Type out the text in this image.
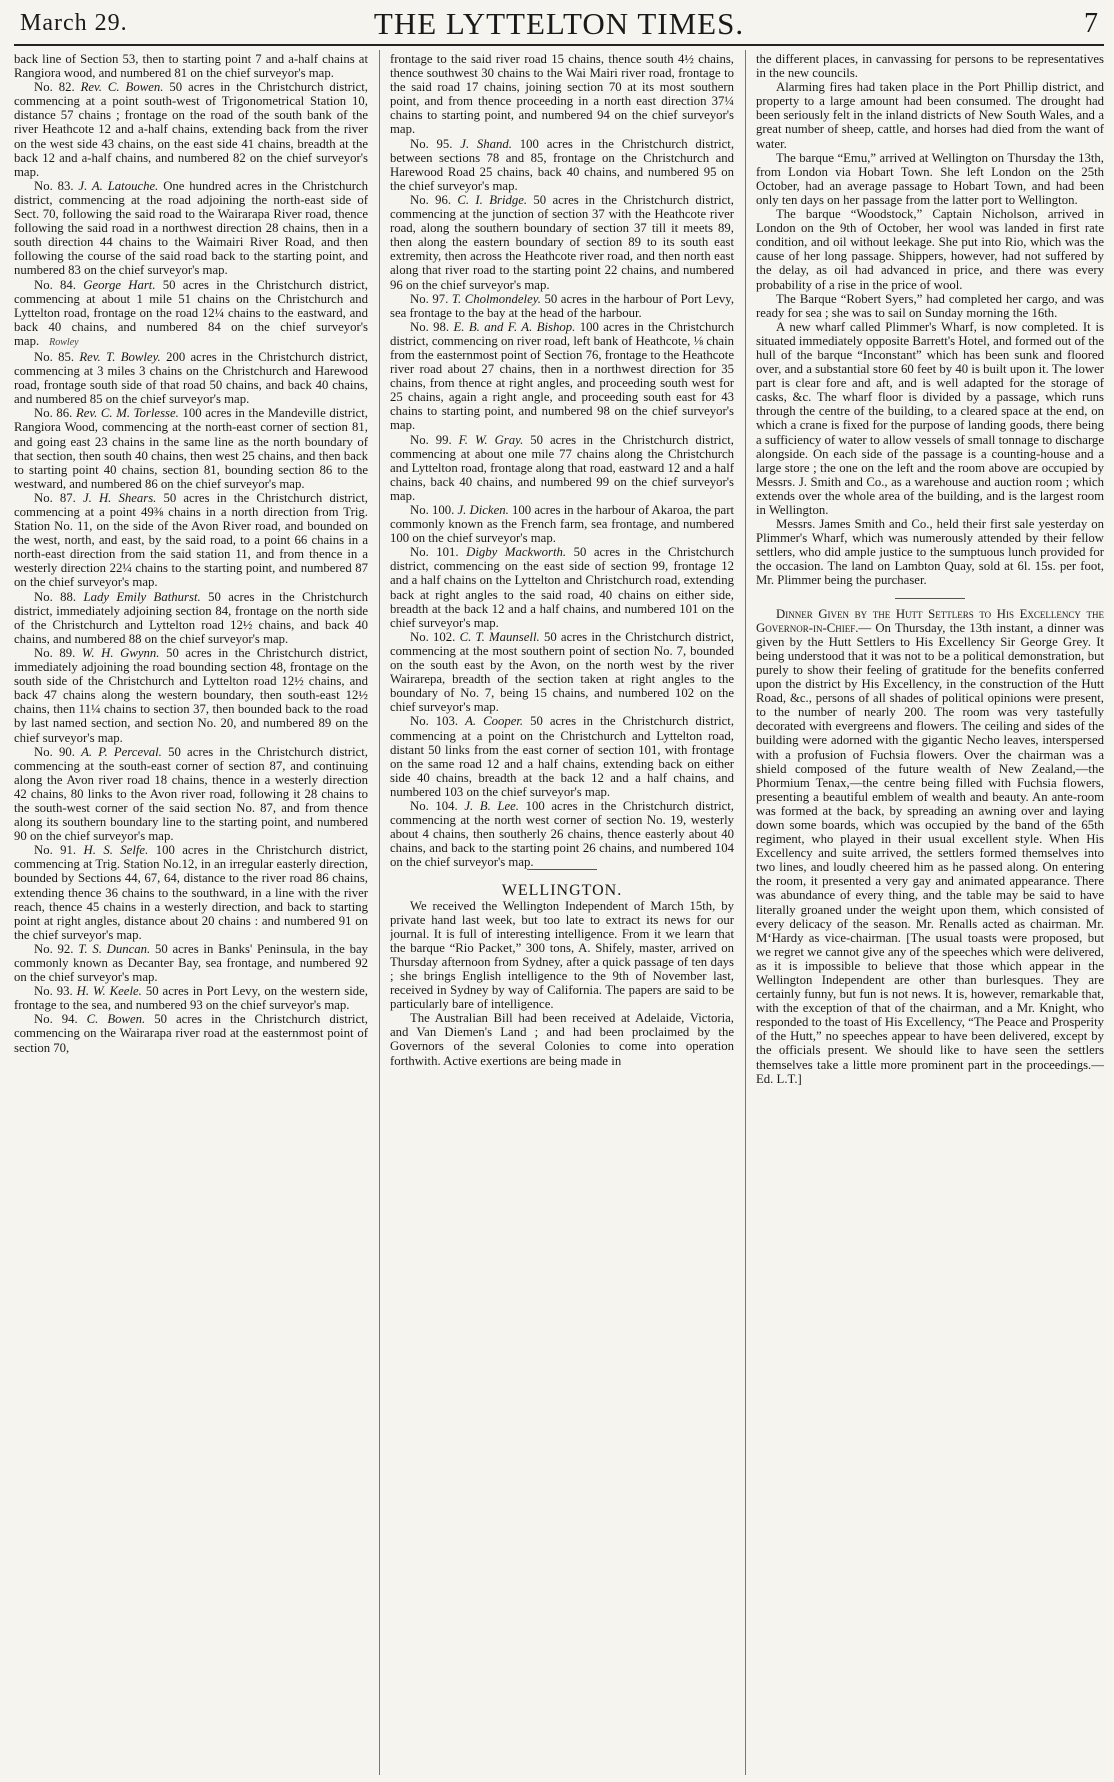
March 29.	THE LYTTELTON TIMES.	7

back line of Section 53, then to starting point 7 and a-half chains at Rangiora wood, and numbered 81 on the chief surveyor's map.

No. 82. Rev. C. Bowen. 50 acres in the Christchurch district, commencing at a point south-west of Trigonometrical Station 10, distance 57 chains ; frontage on the road of the south bank of the river Heathcote 12 and a-half chains, extending back from the river on the west side 43 chains, on the east side 41 chains, breadth at the back 12 and a-half chains, and numbered 82 on the chief surveyor's map.

No. 83. J. A. Latouche. One hundred acres in the Christchurch district, commencing at the road adjoining the north-east side of Sect. 70, following the said road to the Wairarapa River road, thence following the said road in a northwest direction 28 chains, then in a south direction 44 chains to the Waimairi River Road, and then following the course of the said road back to the starting point, and numbered 83 on the chief surveyor's map.

No. 84. George Hart. 50 acres in the Christchurch district, commencing at about 1 mile 51 chains on the Christchurch and Lyttelton road, frontage on the road 12¼ chains to the eastward, and back 40 chains, and numbered 84 on the chief surveyor's map. Rowley

No. 85. Rev. T. Bowley. 200 acres in the Christchurch district, commencing at 3 miles 3 chains on the Christchurch and Harewood road, frontage south side of that road 50 chains, and back 40 chains, and numbered 85 on the chief surveyor's map.

No. 86. Rev. C. M. Torlesse. 100 acres in the Mandeville district, Rangiora Wood, commencing at the north-east corner of section 81, and going east 23 chains in the same line as the north boundary of that section, then south 40 chains, then west 25 chains, and then back to starting point 40 chains, section 81, bounding section 86 to the westward, and numbered 86 on the chief surveyor's map.

No. 87. J. H. Shears. 50 acres in the Christchurch district, commencing at a point 49⅜ chains in a north direction from Trig. Station No. 11, on the side of the Avon River road, and bounded on the west, north, and east, by the said road, to a point 66 chains in a north-east direction from the said station 11, and from thence in a westerly direction 22¼ chains to the starting point, and numbered 87 on the chief surveyor's map.

No. 88. Lady Emily Bathurst. 50 acres in the Christchurch district, immediately adjoining section 84, frontage on the north side of the Christchurch and Lyttelton road 12½ chains, and back 40 chains, and numbered 88 on the chief surveyor's map.

No. 89. W. H. Gwynn. 50 acres in the Christchurch district, immediately adjoining the road bounding section 48, frontage on the south side of the Christchurch and Lyttelton road 12½ chains, and back 47 chains along the western boundary, then south-east 12½ chains, then 11¼ chains to section 37, then bounded back to the road by last named section, and section No. 20, and numbered 89 on the chief surveyor's map.

No. 90. A. P. Perceval. 50 acres in the Christchurch district, commencing at the south-east corner of section 87, and continuing along the Avon river road 18 chains, thence in a westerly direction 42 chains, 80 links to the Avon river road, following it 28 chains to the south-west corner of the said section No. 87, and from thence along its southern boundary line to the starting point, and numbered 90 on the chief surveyor's map.

No. 91. H. S. Selfe. 100 acres in the Christchurch district, commencing at Trig. Station No.12, in an irregular easterly direction, bounded by Sections 44, 67, 64, distance to the river road 86 chains, extending thence 36 chains to the southward, in a line with the river reach, thence 45 chains in a westerly direction, and back to starting point at right angles, distance about 20 chains : and numbered 91 on the chief surveyor's map.

No. 92. T. S. Duncan. 50 acres in Banks' Peninsula, in the bay commonly known as Decanter Bay, sea frontage, and numbered 92 on the chief surveyor's map.

No. 93. H. W. Keele. 50 acres in Port Levy, on the western side, frontage to the sea, and numbered 93 on the chief surveyor's map.

No. 94. C. Bowen. 50 acres in the Christchurch district, commencing on the Wairarapa river road at the easternmost point of section 70,

frontage to the said river road 15 chains, thence south 4½ chains, thence southwest 30 chains to the Wai Mairi river road, frontage to the said road 17 chains, joining section 70 at its most southern point, and from thence proceeding in a north east direction 37¼ chains to starting point, and numbered 94 on the chief surveyor's map.

No. 95. J. Shand. 100 acres in the Christchurch district, between sections 78 and 85, frontage on the Christchurch and Harewood Road 25 chains, back 40 chains, and numbered 95 on the chief surveyor's map.

No. 96. C. I. Bridge. 50 acres in the Christchurch district, commencing at the junction of section 37 with the Heathcote river road, along the southern boundary of section 37 till it meets 89, then along the eastern boundary of section 89 to its south east extremity, then across the Heathcote river road, and then north east along that river road to the starting point 22 chains, and numbered 96 on the chief surveyor's map.

No. 97. T. Cholmondeley. 50 acres in the harbour of Port Levy, sea frontage to the bay at the head of the harbour.

No. 98. E. B. and F. A. Bishop. 100 acres in the Christchurch district, commencing on river road, left bank of Heathcote, ⅛ chain from the easternmost point of Section 76, frontage to the Heathcote river road about 27 chains, then in a northwest direction for 35 chains, from thence at right angles, and proceeding south west for 25 chains, again a right angle, and proceeding south east for 43 chains to starting point, and numbered 98 on the chief surveyor's map.

No. 99. F. W. Gray. 50 acres in the Christchurch district, commencing at about one mile 77 chains along the Christchurch and Lyttelton road, frontage along that road, eastward 12 and a half chains, back 40 chains, and numbered 99 on the chief surveyor's map.

No. 100. J. Dicken. 100 acres in the harbour of Akaroa, the part commonly known as the French farm, sea frontage, and numbered 100 on the chief surveyor's map.

No. 101. Digby Mackworth. 50 acres in the Christchurch district, commencing on the east side of section 99, frontage 12 and a half chains on the Lyttelton and Christchurch road, extending back at right angles to the said road, 40 chains on either side, breadth at the back 12 and a half chains, and numbered 101 on the chief surveyor's map.

No. 102. C. T. Maunsell. 50 acres in the Christchurch district, commencing at the most southern point of section No. 7, bounded on the south east by the Avon, on the north west by the river Wairarepa, breadth of the section taken at right angles to the boundary of No. 7, being 15 chains, and numbered 102 on the chief surveyor's map.

No. 103. A. Cooper. 50 acres in the Christchurch district, commencing at a point on the Christchurch and Lyttelton road, distant 50 links from the east corner of section 101, with frontage on the same road 12 and a half chains, extending back on either side 40 chains, breadth at the back 12 and a half chains, and numbered 103 on the chief surveyor's map.

No. 104. J. B. Lee. 100 acres in the Christchurch district, commencing at the north west corner of section No. 19, westerly about 4 chains, then southerly 26 chains, thence easterly about 40 chains, and back to the starting point 26 chains, and numbered 104 on the chief surveyor's map.

WELLINGTON.

We received the Wellington Independent of March 15th, by private hand last week, but too late to extract its news for our journal. It is full of interesting intelligence. From it we learn that the barque “Rio Packet,” 300 tons, A. Shifely, master, arrived on Thursday afternoon from Sydney, after a quick passage of ten days ; she brings English intelligence to the 9th of November last, received in Sydney by way of California. The papers are said to be particularly bare of intelligence.

The Australian Bill had been received at Adelaide, Victoria, and Van Diemen's Land ; and had been proclaimed by the Governors of the several Colonies to come into operation forthwith. Active exertions are being made in

the different places, in canvassing for persons to be representatives in the new councils.

Alarming fires had taken place in the Port Phillip district, and property to a large amount had been consumed. The drought had been seriously felt in the inland districts of New South Wales, and a great number of sheep, cattle, and horses had died from the want of water.

The barque “Emu,” arrived at Wellington on Thursday the 13th, from London via Hobart Town. She left London on the 25th October, had an average passage to Hobart Town, and had been only ten days on her passage from the latter port to Wellington.

The barque “Woodstock,” Captain Nicholson, arrived in London on the 9th of October, her wool was landed in first rate condition, and oil without leekage. She put into Rio, which was the cause of her long passage. Shippers, however, had not suffered by the delay, as oil had advanced in price, and there was every probability of a rise in the price of wool.

The Barque “Robert Syers,” had completed her cargo, and was ready for sea ; she was to sail on Sunday morning the 16th.

A new wharf called Plimmer's Wharf, is now completed. It is situated immediately opposite Barrett's Hotel, and formed out of the hull of the barque “Inconstant” which has been sunk and floored over, and a substantial store 60 feet by 40 is built upon it. The lower part is clear fore and aft, and is well adapted for the storage of casks, &c. The wharf floor is divided by a passage, which runs through the centre of the building, to a cleared space at the end, on which a crane is fixed for the purpose of landing goods, there being a sufficiency of water to allow vessels of small tonnage to discharge alongside. On each side of the passage is a counting-house and a large store ; the one on the left and the room above are occupied by Messrs. J. Smith and Co., as a warehouse and auction room ; which extends over the whole area of the building, and is the largest room in Wellington.

Messrs. James Smith and Co., held their first sale yesterday on Plimmer's Wharf, which was numerously attended by their fellow settlers, who did ample justice to the sumptuous lunch provided for the occasion. The land on Lambton Quay, sold at 6l. 15s. per foot, Mr. Plimmer being the purchaser.

Dinner Given by the Hutt Settlers to His Excellency the Governor-in-Chief.— On Thursday, the 13th instant, a dinner was given by the Hutt Settlers to His Excellency Sir George Grey. It being understood that it was not to be a political demonstration, but purely to show their feeling of gratitude for the benefits conferred upon the district by His Excellency, in the construction of the Hutt Road, &c., persons of all shades of political opinions were present, to the number of nearly 200. The room was very tastefully decorated with evergreens and flowers. The ceiling and sides of the building were adorned with the gigantic Necho leaves, interspersed with a profusion of Fuchsia flowers. Over the chairman was a shield composed of the future wealth of New Zealand,—the Phormium Tenax,—the centre being filled with Fuchsia flowers, presenting a beautiful emblem of wealth and beauty. An ante-room was formed at the back, by spreading an awning over and laying down some boards, which was occupied by the band of the 65th regiment, who played in their usual excellent style. When His Excellency and suite arrived, the settlers formed themselves into two lines, and loudly cheered him as he passed along. On entering the room, it presented a very gay and animated appearance. There was abundance of every thing, and the table may be said to have literally groaned under the weight upon them, which consisted of every delicacy of the season. Mr. Renalls acted as chairman. Mr. M‘Hardy as vice-chairman. [The usual toasts were proposed, but we regret we cannot give any of the speeches which were delivered, as it is impossible to believe that those which appear in the Wellington Independent are other than burlesques. They are certainly funny, but fun is not news. It is, however, remarkable that, with the exception of that of the chairman, and a Mr. Knight, who responded to the toast of His Excellency, “The Peace and Prosperity of the Hutt,” no speeches appear to have been delivered, except by the officials present. We should like to have seen the settlers themselves take a little more prominent part in the proceedings.—Ed. L.T.]
